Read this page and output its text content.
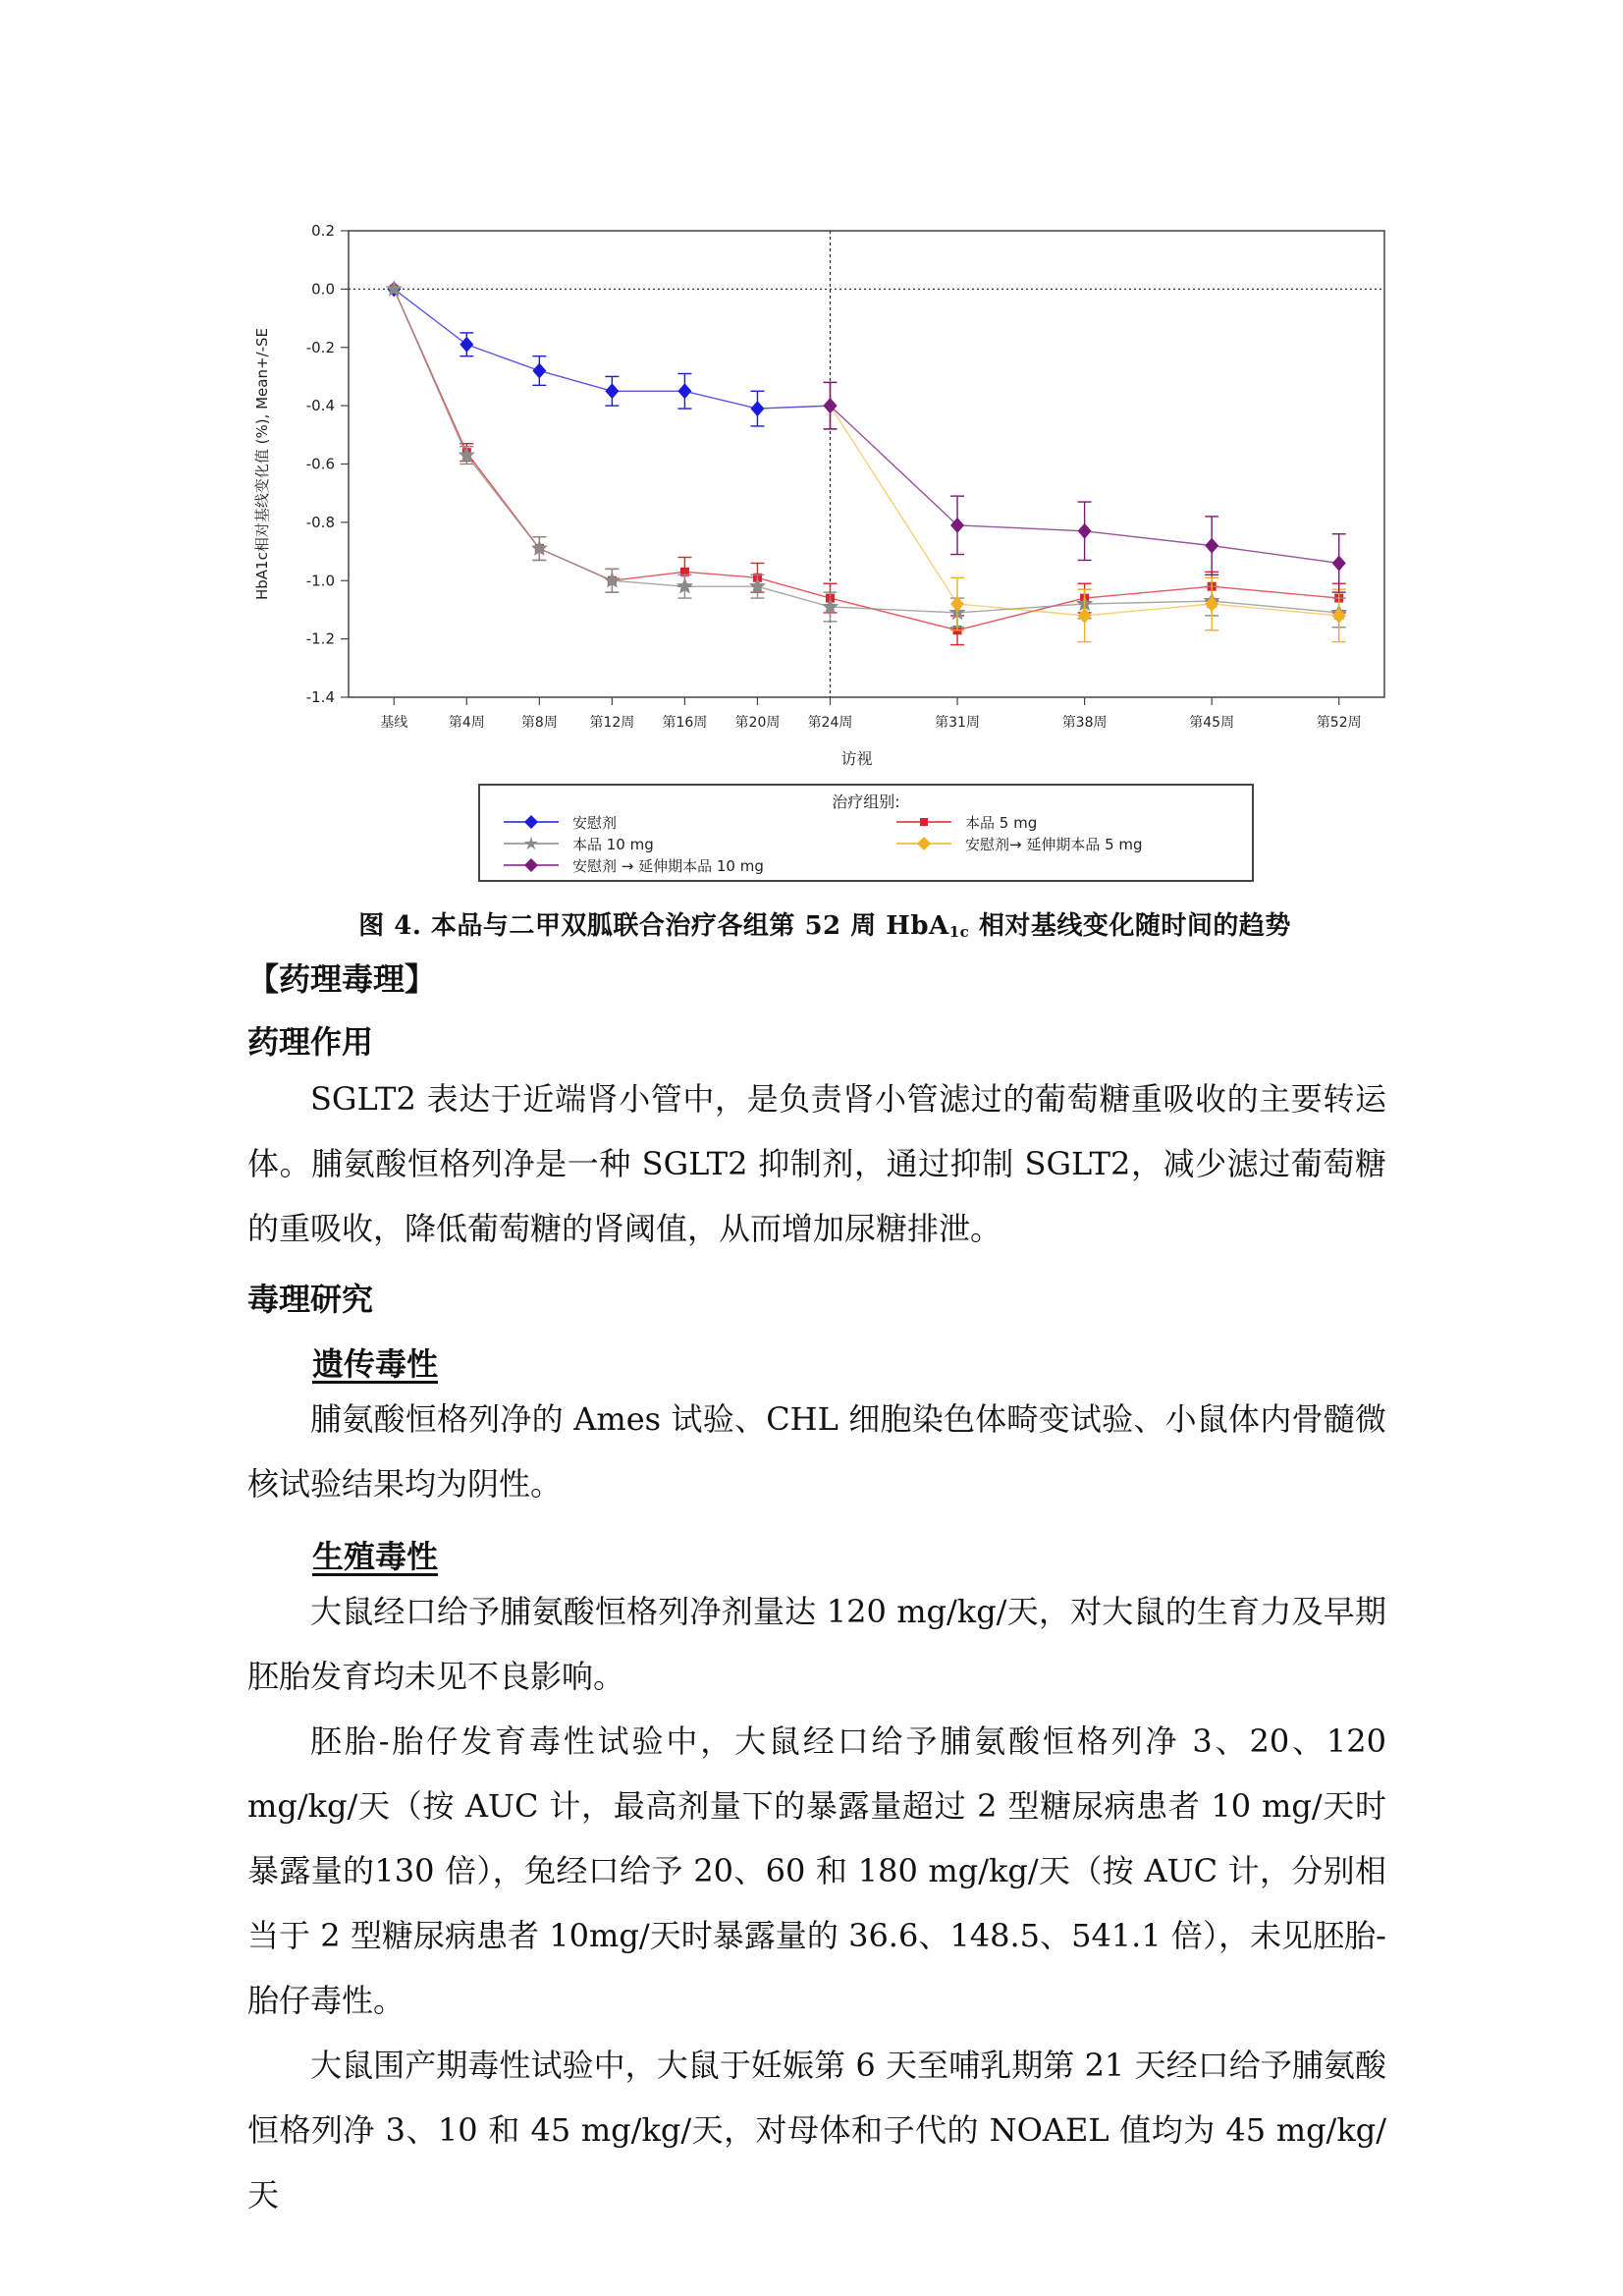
0.2
0.0
-0.2
-0.4
-0.6
-0.8
-1.0
-1.2
-1.4
基线	第4周	第8周 第12周 第16周 第20周 第24周	第31周	第38周	第45周	第52周
HbA1c相对基线变化值 (%), Mean+/-SE
访视
治疗组别:
安慰剂
★ 本品 10 mg
安慰剂 → 延伸期本品 10 mg
本品 5 mg
安慰剂→ 延伸期本品 5 mg
图 4. 本品与二甲双胍联合治疗各组第 52 周 HbA$_{1c}$ 相对基线变化随时间的趋势
【药理毒理】
药理作用

SGLT2 表达于近端肾小管中，是负责肾小管滤过的葡萄糖重吸收的主要转运体。脯氨酸恒格列净是一种 SGLT2 抑制剂，通过抑制 SGLT2，减少滤过葡萄糖的重吸收，降低葡萄糖的肾阈值，从而增加尿糖排泄。

毒理研究
遗传毒性

脯氨酸恒格列净的 Ames 试验、CHL 细胞染色体畸变试验、小鼠体内骨髓微核试验结果均为阴性。

生殖毒性

大鼠经口给予脯氨酸恒格列净剂量达 120 mg/kg/天，对大鼠的生育力及早期胚胎发育均未见不良影响。

胚胎-胎仔发育毒性试验中，大鼠经口给予脯氨酸恒格列净 3、20、120 mg/kg/天（按 AUC 计，最高剂量下的暴露量超过 2 型糖尿病患者 10 mg/天时暴露量的130 倍），兔经口给予 20、60 和 180 mg/kg/天（按 AUC 计，分别相当于 2 型糖尿病患者 10mg/天时暴露量的 36.6、148.5、541.1 倍），未见胚胎-胎仔毒性。

大鼠围产期毒性试验中，大鼠于妊娠第 6 天至哺乳期第 21 天经口给予脯氨酸恒格列净 3、10 和 45 mg/kg/天，对母体和子代的 NOAEL 值均为 45 mg/kg/天
